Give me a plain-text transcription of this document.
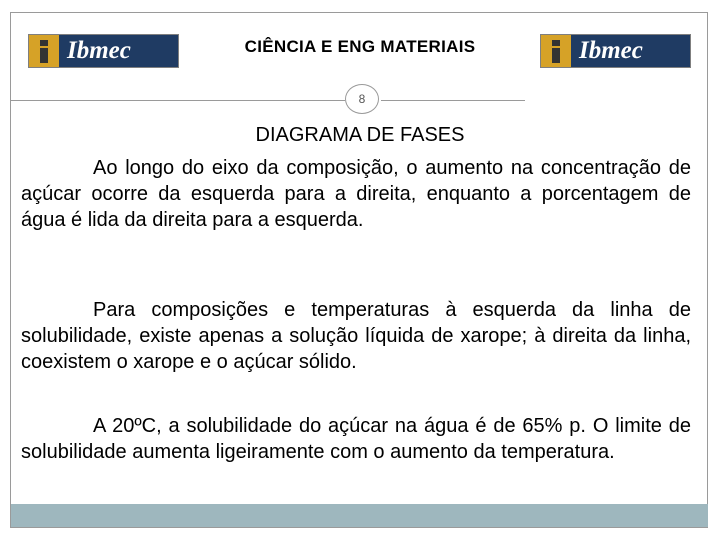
Ibmec	CIÊNCIA E ENG MATERIAIS	Ibmec
8
DIAGRAMA DE FASES

Ao longo do eixo da composição, o aumento na concentração de açúcar ocorre da esquerda para a direita, enquanto a porcentagem de água é lida da direita para a esquerda.

Para composições e temperaturas à esquerda da linha de solubilidade, existe apenas a solução líquida de xarope; à direita da linha, coexistem o xarope e o açúcar sólido.

A 20ºC, a solubilidade do açúcar na água é de 65% p. O limite de solubilidade aumenta ligeiramente com o aumento da temperatura.
